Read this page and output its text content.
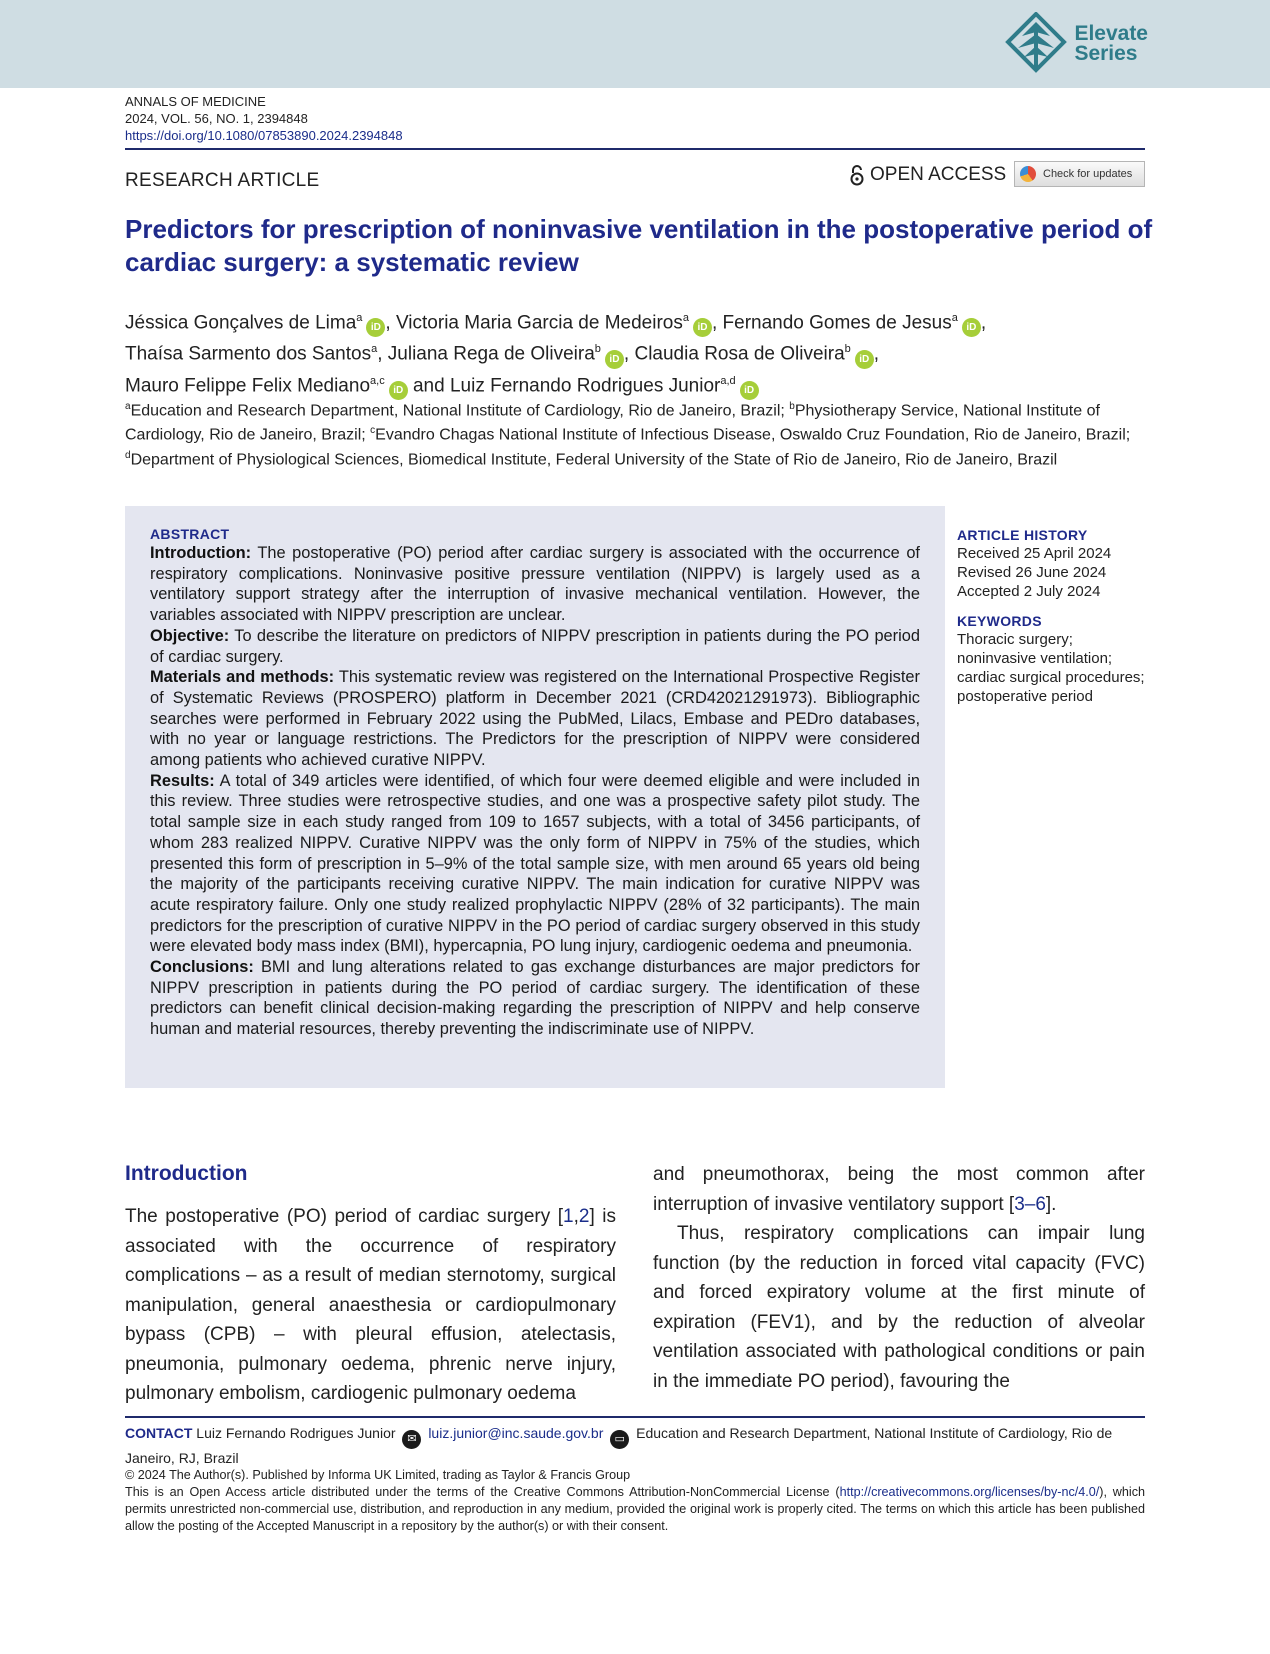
Elevate
Series
ANNALS OF MEDICINE
2024, VOL. 56, NO. 1, 2394848
https://doi.org/10.1080/07853890.2024.2394848
RESEARCH ARTICLE	OPEN ACCESS	Check for updates
Predictors for prescription of noninvasive ventilation in the postoperative period of cardiac surgery: a systematic review
Jéssica Gonçalves de Lima$^a$iD , Victoria Maria Garcia de Medeiros$^a$iD , Fernando Gomes de Jesus$^a$iD ,
Thaísa Sarmento dos Santos$^a$, Juliana Rega de Oliveira$^b$iD , Claudia Rosa de Oliveira$^b$iD ,
Mauro Felippe Felix Mediano$^{a,c}$iD and Luiz Fernando Rodrigues Junior$^{a,d}$iD
$^a$Education and Research Department, National Institute of Cardiology, Rio de Janeiro, Brazil; $^b$Physiotherapy Service, National Institute of Cardiology, Rio de Janeiro, Brazil; $^c$Evandro Chagas National Institute of Infectious Disease, Oswaldo Cruz Foundation, Rio de Janeiro, Brazil; $^d$Department of Physiological Sciences, Biomedical Institute, Federal University of the State of Rio de Janeiro, Rio de Janeiro, Brazil
ABSTRACT

Introduction: The postoperative (PO) period after cardiac surgery is associated with the occurrence of respiratory complications. Noninvasive positive pressure ventilation (NIPPV) is largely used as a ventilatory support strategy after the interruption of invasive mechanical ventilation. However, the variables associated with NIPPV prescription are unclear.

Objective: To describe the literature on predictors of NIPPV prescription in patients during the PO period of cardiac surgery.

Materials and methods: This systematic review was registered on the International Prospective Register of Systematic Reviews (PROSPERO) platform in December 2021 (CRD42021291973). Bibliographic searches were performed in February 2022 using the PubMed, Lilacs, Embase and PEDro databases, with no year or language restrictions. The Predictors for the prescription of NIPPV were considered among patients who achieved curative NIPPV.

Results: A total of 349 articles were identified, of which four were deemed eligible and were included in this review. Three studies were retrospective studies, and one was a prospective safety pilot study. The total sample size in each study ranged from 109 to 1657 subjects, with a total of 3456 participants, of whom 283 realized NIPPV. Curative NIPPV was the only form of NIPPV in 75% of the studies, which presented this form of prescription in 5–9% of the total sample size, with men around 65 years old being the majority of the participants receiving curative NIPPV. The main indication for curative NIPPV was acute respiratory failure. Only one study realized prophylactic NIPPV (28% of 32 participants). The main predictors for the prescription of curative NIPPV in the PO period of cardiac surgery observed in this study were elevated body mass index (BMI), hypercapnia, PO lung injury, cardiogenic oedema and pneumonia.

Conclusions: BMI and lung alterations related to gas exchange disturbances are major predictors for NIPPV prescription in patients during the PO period of cardiac surgery. The identification of these predictors can benefit clinical decision-making regarding the prescription of NIPPV and help conserve human and material resources, thereby preventing the indiscriminate use of NIPPV.

ARTICLE HISTORY
Received 25 April 2024
Revised 26 June 2024
Accepted 2 July 2024
KEYWORDS
Thoracic surgery; noninvasive ventilation; cardiac surgical procedures; postoperative period
Introduction
The postoperative (PO) period of cardiac surgery [1,2] is associated with the occurrence of respiratory complications – as a result of median sternotomy, surgical manipulation, general anaesthesia or cardiopulmonary bypass (CPB) – with pleural effusion, atelectasis, pneumonia, pulmonary oedema, phrenic nerve injury, pulmonary embolism, cardiogenic pulmonary oedema
and pneumothorax, being the most common after interruption of invasive ventilatory support [3–6].
Thus, respiratory complications can impair lung function (by the reduction in forced vital capacity (FVC) and forced expiratory volume at the first minute of expiration (FEV1), and by the reduction of alveolar ventilation associated with pathological conditions or pain in the immediate PO period), favouring the
CONTACT Luiz Fernando Rodrigues Junior ✉ luiz.junior@inc.saude.gov.br ▭ Education and Research Department, National Institute of Cardiology, Rio de Janeiro, RJ, Brazil
© 2024 The Author(s). Published by Informa UK Limited, trading as Taylor & Francis Group
This is an Open Access article distributed under the terms of the Creative Commons Attribution-NonCommercial License (http://creativecommons.org/licenses/by-nc/4.0/), which permits unrestricted non-commercial use, distribution, and reproduction in any medium, provided the original work is properly cited. The terms on which this article has been published allow the posting of the Accepted Manuscript in a repository by the author(s) or with their consent.
